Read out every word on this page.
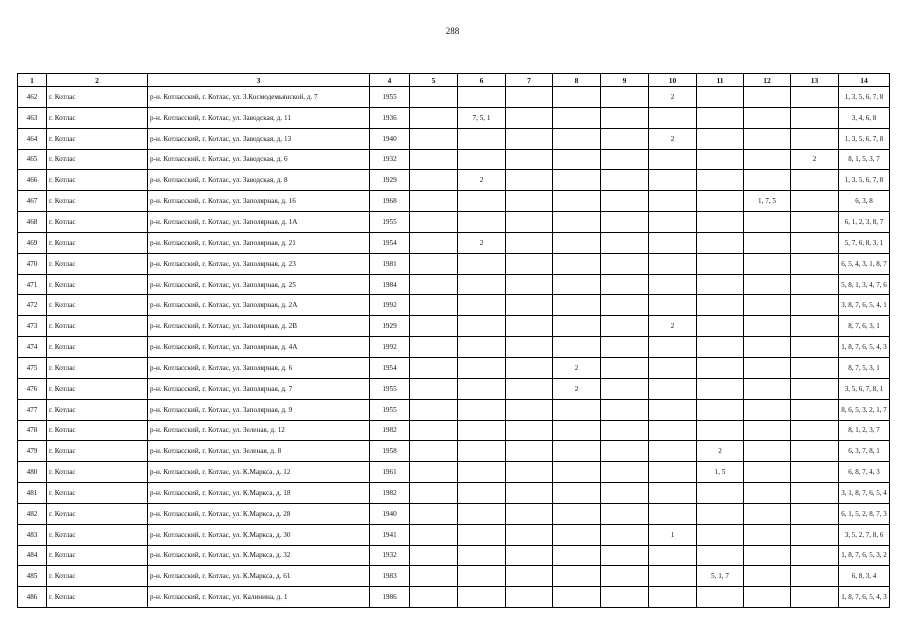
288
1	2	3	4	5	6	7	8	9	10	11	12	13	14
462	г. Котлас	р-н. Котласский, г. Котлас, ул. З.Космодемьянской, д. 7	1955						2				1, 3, 5, 6, 7, 8
463	г. Котлас	р-н. Котласский, г. Котлас, ул. Заводская, д. 11	1936		7, 5, 1								3, 4, 6, 8
464	г. Котлас	р-н. Котласский, г. Котлас, ул. Заводская, д. 13	1940						2				1, 3, 5, 6, 7, 8
465	г. Котлас	р-н. Котласский, г. Котлас, ул. Заводская, д. 6	1932									2	8, 1, 5, 3, 7
466	г. Котлас	р-н. Котласский, г. Котлас, ул. Заводская, д. 8	1929		2								1, 3, 5, 6, 7, 8
467	г. Котлас	р-н. Котласский, г. Котлас, ул. Заполярная, д. 16	1968								1, 7, 5		6, 3, 8
468	г. Котлас	р-н. Котласский, г. Котлас, ул. Заполярная, д. 1А	1955										6, 1, 2, 3, 8, 7
469	г. Котлас	р-н. Котласский, г. Котлас, ул. Заполярная, д. 21	1954		2								5, 7, 6, 8, 3, 1
470	г. Котлас	р-н. Котласский, г. Котлас, ул. Заполярная, д. 23	1981										6, 5, 4, 3, 1, 8, 7
471	г. Котлас	р-н. Котласский, г. Котлас, ул. Заполярная, д. 25	1984										5, 8, 1, 3, 4, 7, 6
472	г. Котлас	р-н. Котласский, г. Котлас, ул. Заполярная, д. 2А	1992										3, 8, 7, 6, 5, 4, 1
473	г. Котлас	р-н. Котласский, г. Котлас, ул. Заполярная, д. 2В	1929						2				8, 7, 6, 3, 1
474	г. Котлас	р-н. Котласский, г. Котлас, ул. Заполярная, д. 4А	1992										1, 8, 7, 6, 5, 4, 3
475	г. Котлас	р-н. Котласский, г. Котлас, ул. Заполярная, д. 6	1954				2						8, 7, 5, 3, 1
476	г. Котлас	р-н. Котласский, г. Котлас, ул. Заполярная, д. 7	1955				2						3, 5, 6, 7, 8, 1
477	г. Котлас	р-н. Котласский, г. Котлас, ул. Заполярная, д. 9	1955										8, 6, 5, 3, 2, 1, 7
478	г. Котлас	р-н. Котласский, г. Котлас, ул. Зеленая, д. 12	1982										8, 1, 2, 3, 7
479	г. Котлас	р-н. Котласский, г. Котлас, ул. Зеленая, д. 8	1958							2			6, 3, 7, 8, 1
480	г. Котлас	р-н. Котласский, г. Котлас, ул. К.Маркса, д. 12	1961							1, 5			6, 8, 7, 4, 3
481	г. Котлас	р-н. Котласский, г. Котлас, ул. К.Маркса, д. 18	1982										3, 1, 8, 7, 6, 5, 4
482	г. Котлас	р-н. Котласский, г. Котлас, ул. К.Маркса, д. 28	1940										6, 1, 5, 2, 8, 7, 3
483	г. Котлас	р-н. Котласский, г. Котлас, ул. К.Маркса, д. 30	1941						1				3, 5, 2, 7, 8, 6
484	г. Котлас	р-н. Котласский, г. Котлас, ул. К.Маркса, д. 32	1932										1, 8, 7, 6, 5, 3, 2
485	г. Котлас	р-н. Котласский, г. Котлас, ул. К.Маркса, д. 61	1983							5, 1, 7			6, 8, 3, 4
486	г. Котлас	р-н. Котласский, г. Котлас, ул. Калинина, д. 1	1986										1, 8, 7, 6, 5, 4, 3
